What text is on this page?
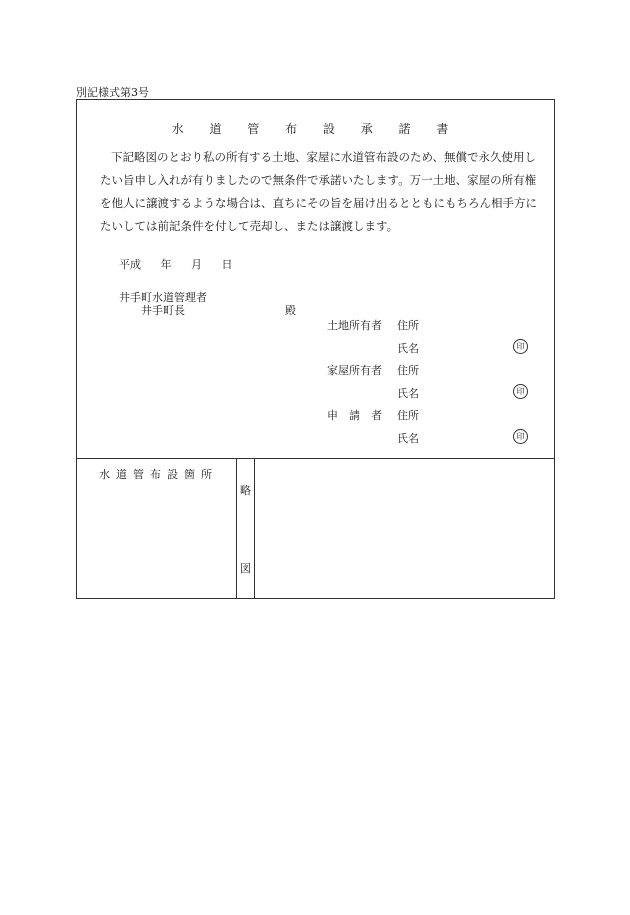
別記様式第3号
水 道 管 布 設 承 諾 書

下記略図のとおり私の所有する土地、家屋に水道管布設のため、無償で永久使用したい旨申し入れが有りましたので無条件で承諾いたします。万一土地、家屋の所有権を他人に譲渡するような場合は、直ちにその旨を届け出るとともにもちろん相手方にたいしては前記条件を付して売却し、または譲渡します。

平成 年 月 日
井手町水道管理者
井手町長	殿
土地所有者 住所
氏名	印
家屋所有者 住所
氏名	印
申　請　者 住所
氏名	印
水道管布設箇所
略
図
